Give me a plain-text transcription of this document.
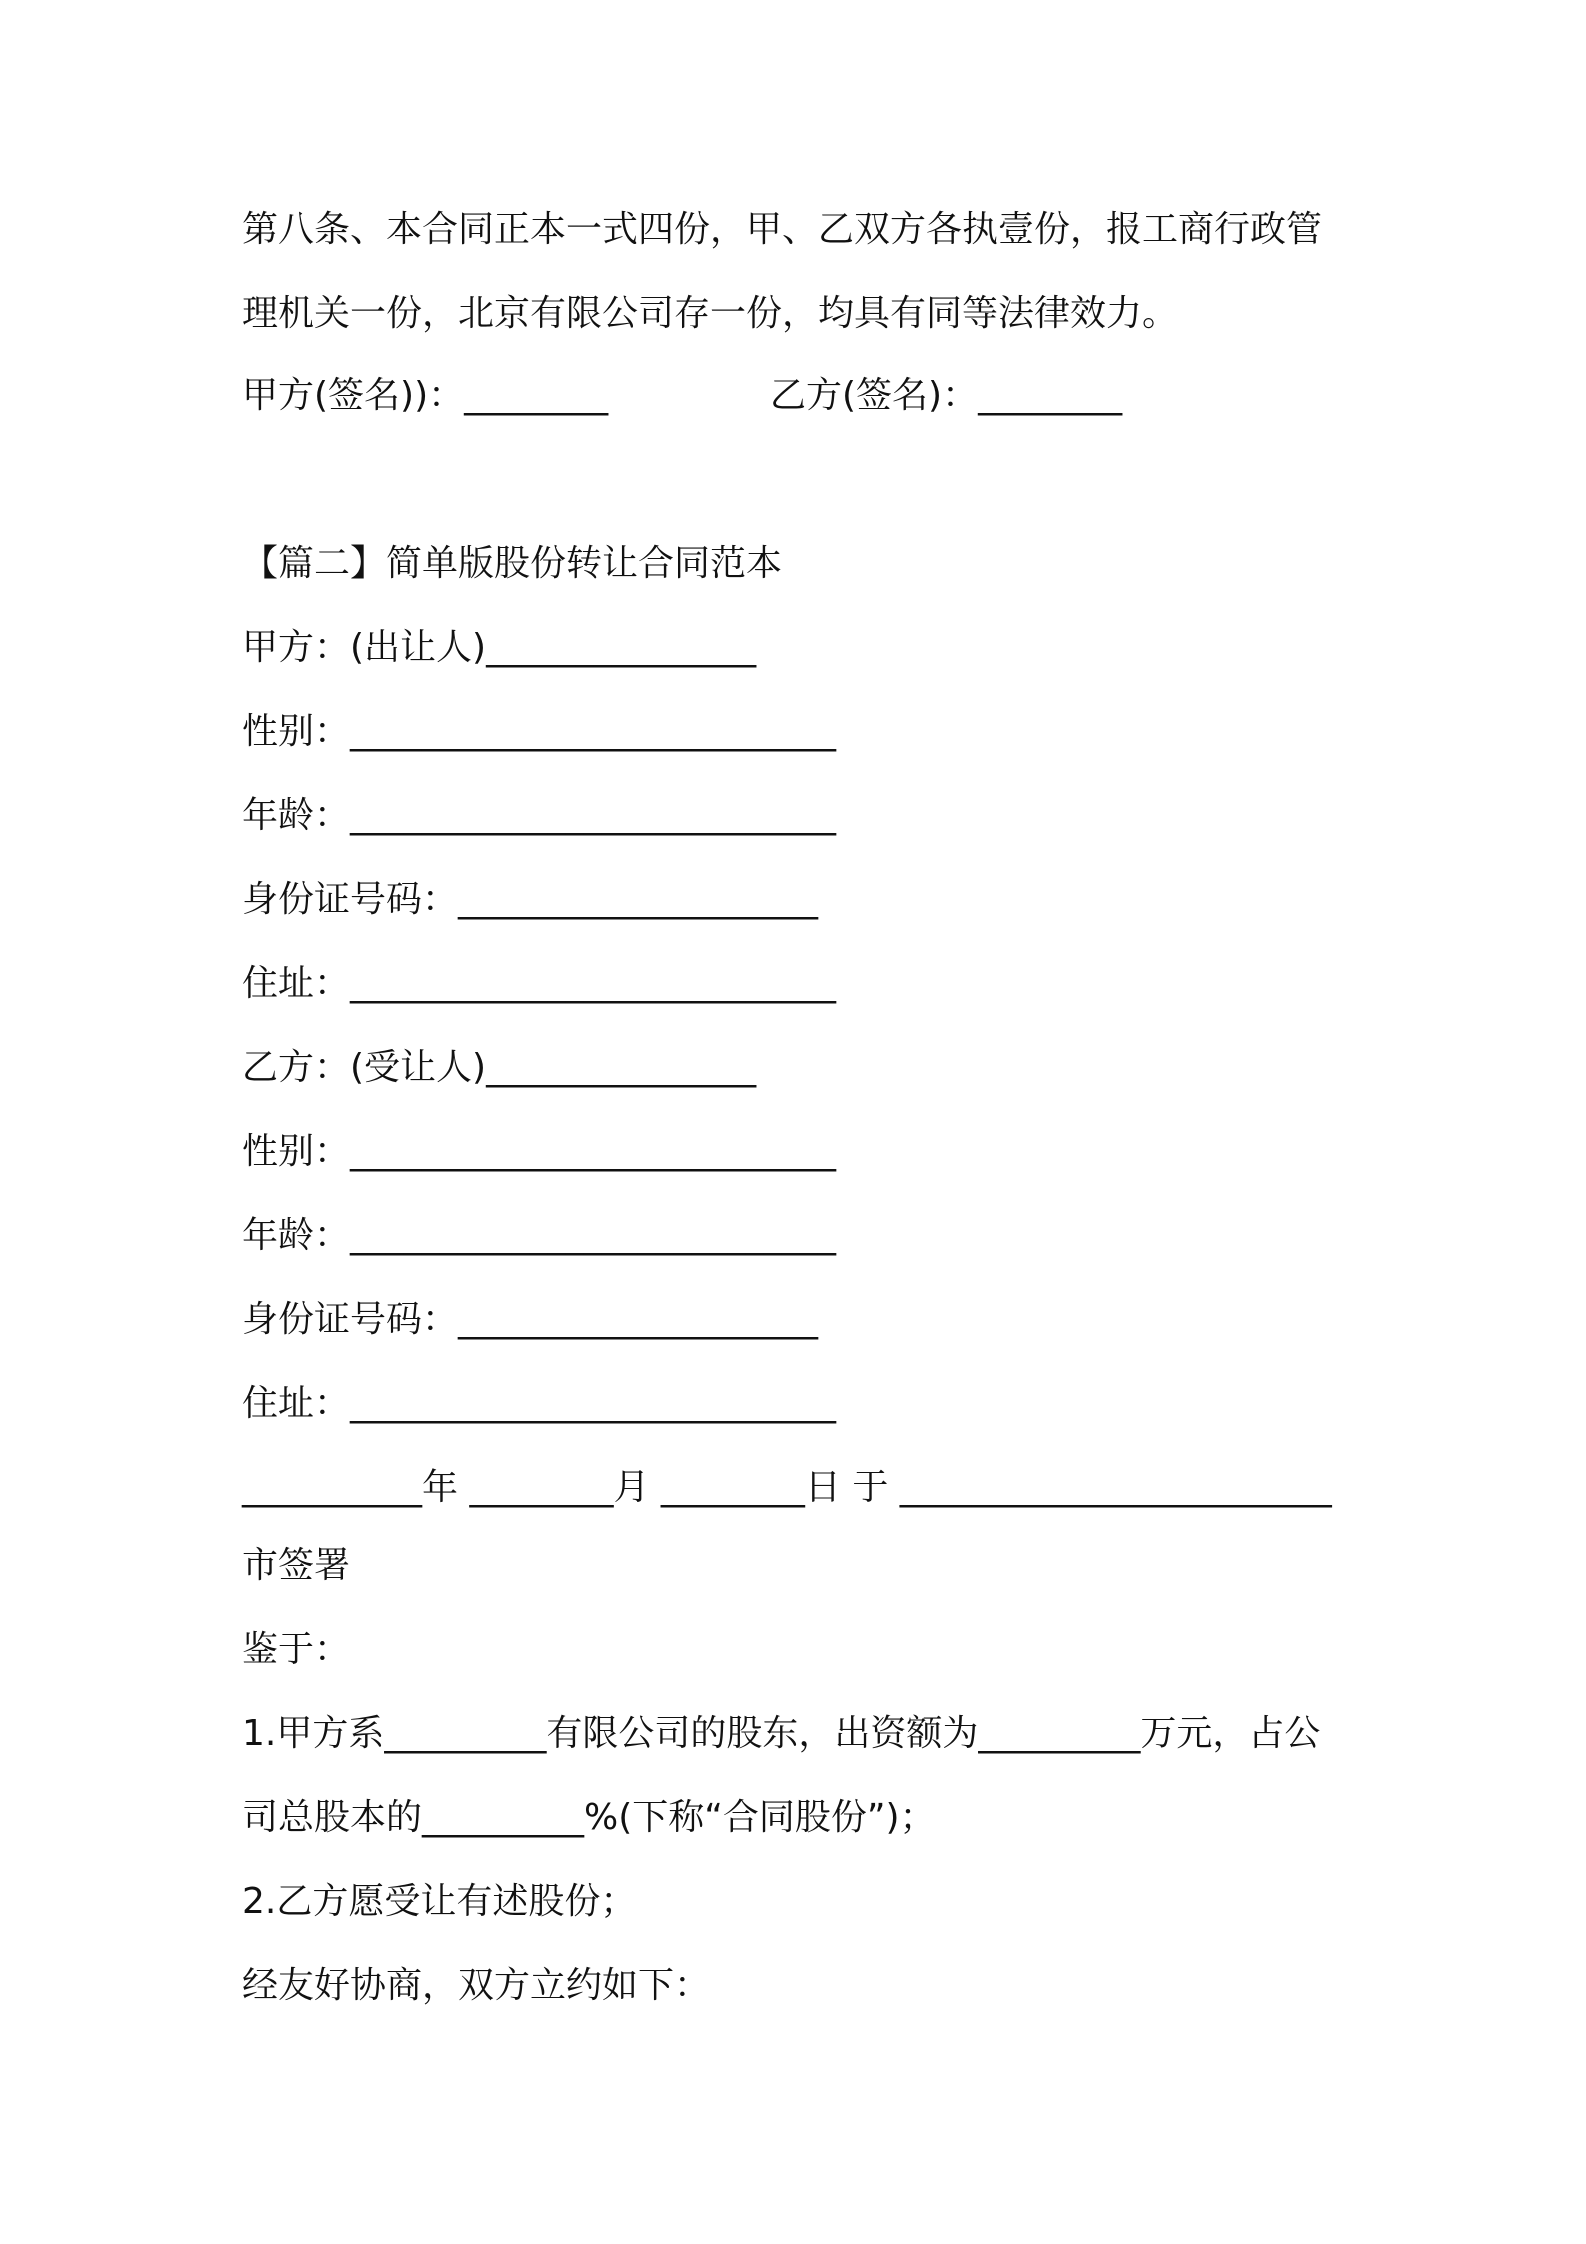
第八条、本合同正本一式四份，甲、乙双方各执壹份，报工商行政管
理机关一份，北京有限公司存一份，均具有同等法律效力。
甲方(签名))：________	乙方(签名)：________
【篇二】简单版股份转让合同范本
甲方：(出让人)_______________
性别：___________________________
年龄：___________________________
身份证号码：____________________
住址：___________________________
乙方：(受让人)_______________
性别：___________________________
年龄：___________________________
身份证号码：____________________
住址：___________________________
__________年 ________月 ________日 于 ________________________
市签署
鉴于：
1.甲方系_________有限公司的股东，出资额为_________万元，占公
司总股本的_________%(下称“合同股份”)；
2.乙方愿受让有述股份；
经友好协商，双方立约如下：
